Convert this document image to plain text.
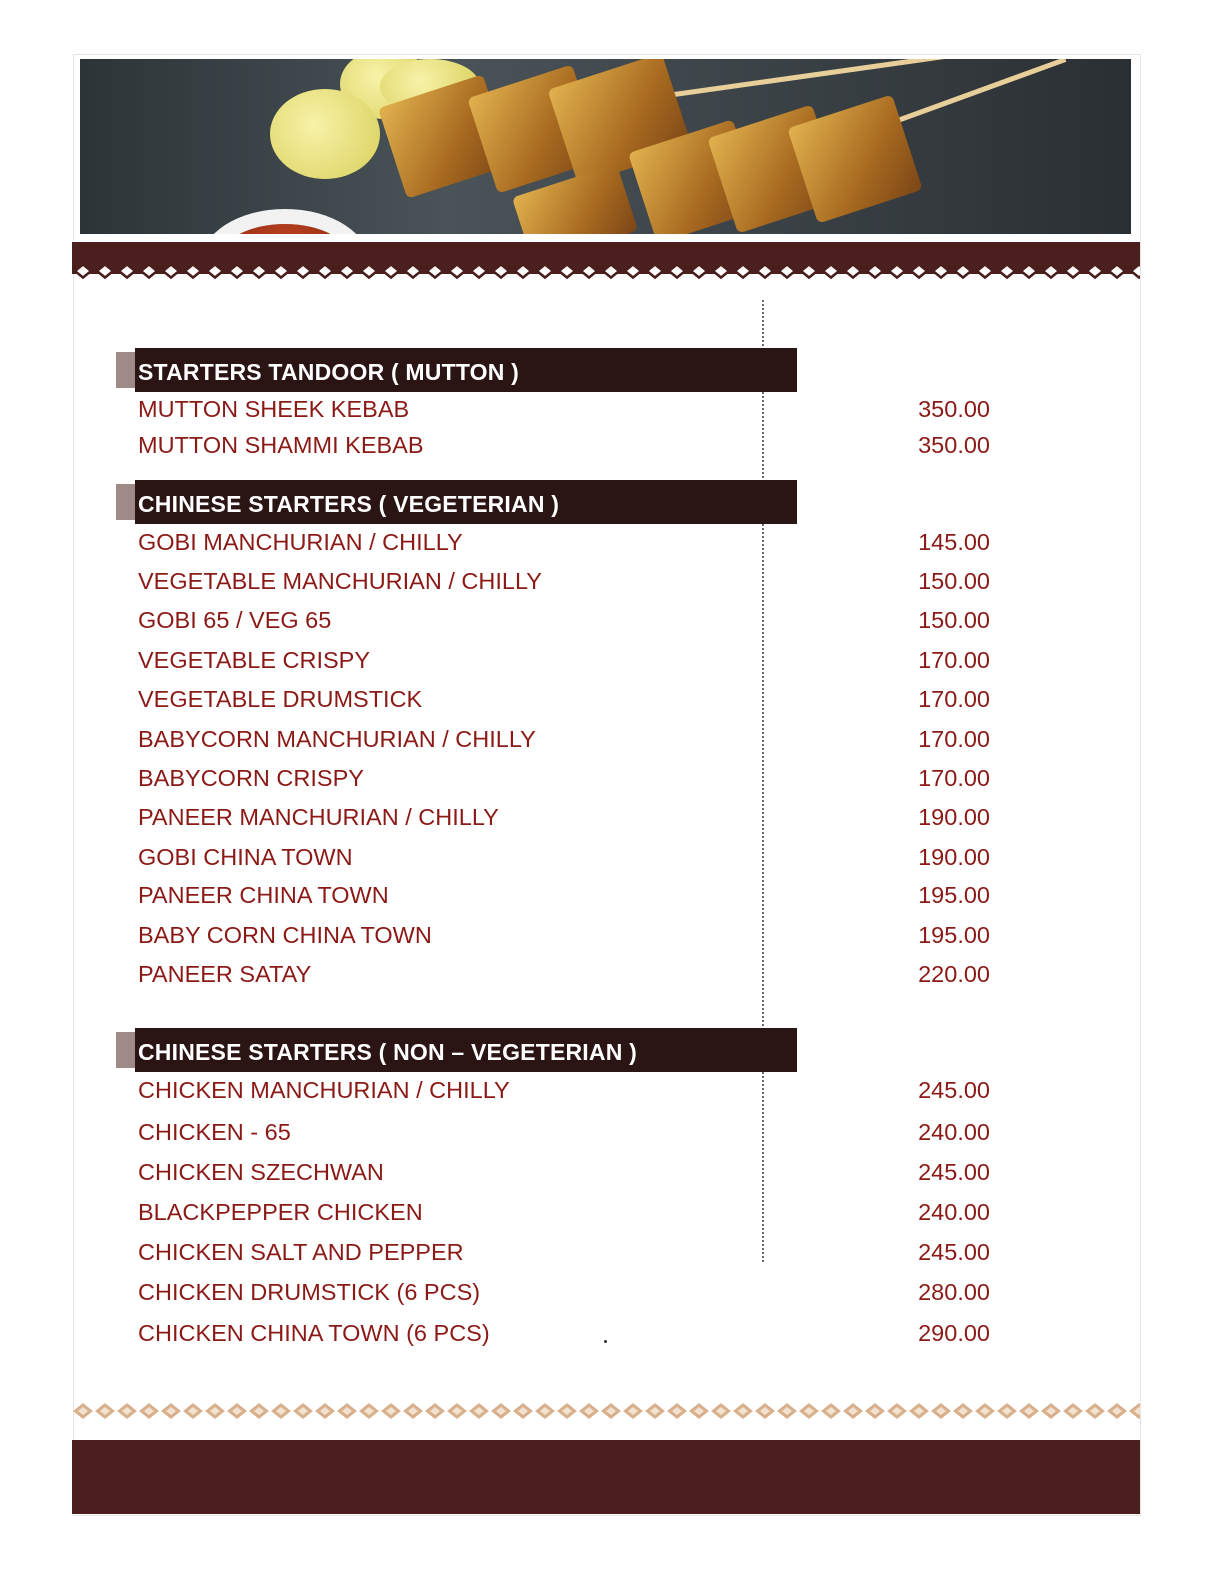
STARTERS TANDOOR ( MUTTON )
MUTTON SHEEK KEBAB	350.00
MUTTON SHAMMI KEBAB	350.00
CHINESE STARTERS ( VEGETERIAN )
GOBI MANCHURIAN / CHILLY	145.00
VEGETABLE MANCHURIAN / CHILLY	150.00
GOBI 65 / VEG 65	150.00
VEGETABLE CRISPY	170.00
VEGETABLE DRUMSTICK	170.00
BABYCORN MANCHURIAN / CHILLY	170.00
BABYCORN CRISPY	170.00
PANEER MANCHURIAN / CHILLY	190.00
GOBI CHINA TOWN	190.00
PANEER CHINA TOWN	195.00
BABY CORN CHINA TOWN	195.00
PANEER SATAY	220.00
CHINESE STARTERS ( NON – VEGETERIAN )
CHICKEN MANCHURIAN / CHILLY	245.00
CHICKEN - 65	240.00
CHICKEN SZECHWAN	245.00
BLACKPEPPER CHICKEN	240.00
CHICKEN SALT AND PEPPER	245.00
CHICKEN DRUMSTICK (6 PCS)	280.00
CHICKEN CHINA TOWN (6 PCS)	290.00
